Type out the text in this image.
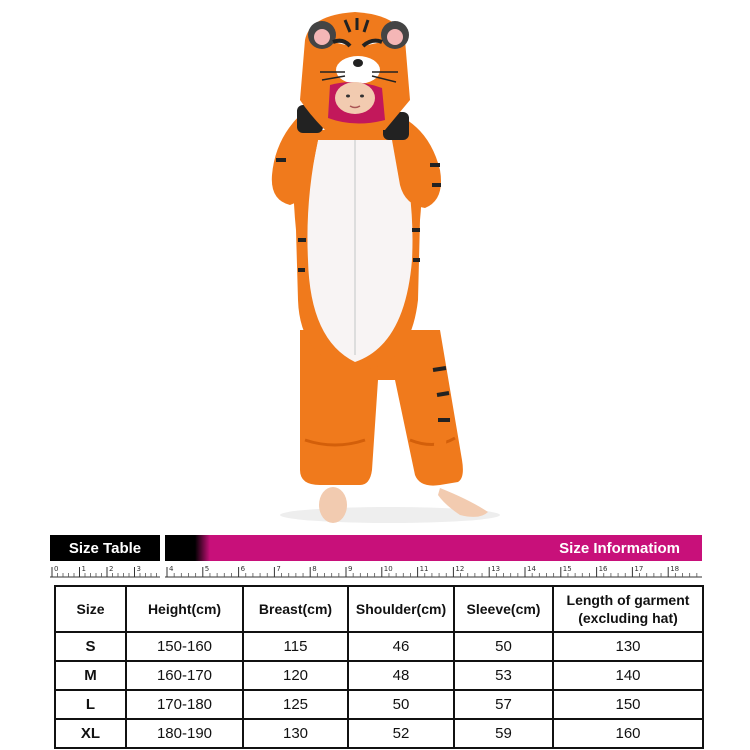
Size Table	Size Informatiom
0	1	2	3	4	5	6	7	8	9	10	11	12	13	14	15	16	17	18
Size	Height(cm)	Breast(cm)	Shoulder(cm)	Sleeve(cm)	Length of garment
(excluding hat)

S	150-160	115	46	50	130
M	160-170	120	48	53	140
L	170-180	125	50	57	150
XL	180-190	130	52	59	160
